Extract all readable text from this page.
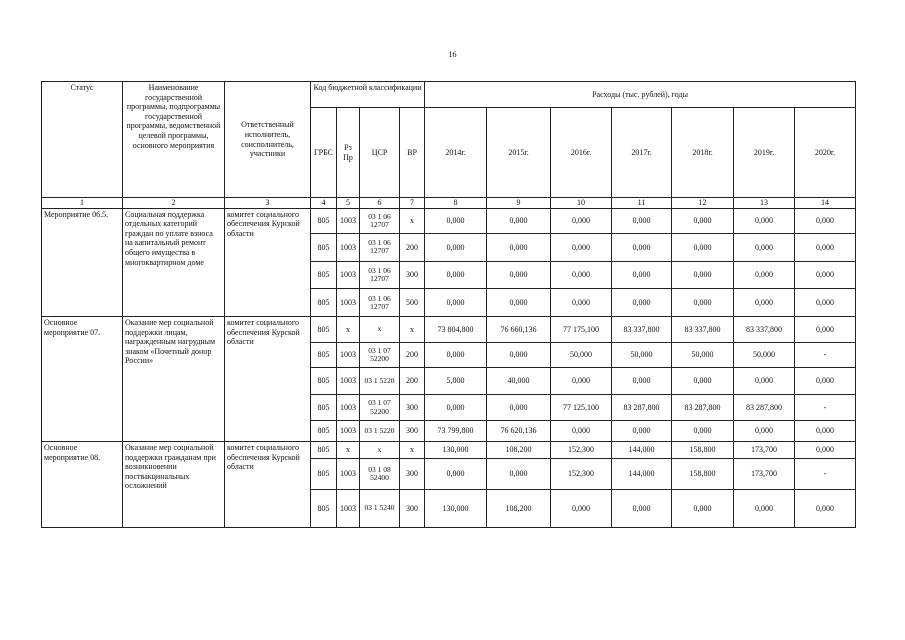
16
Статус	Наименование государственной программы, подпрограммы государственной программы, ведомственной целевой программы, основного мероприятия	Ответственный исполнитель, соисполнитель, участники	Код бюджетной классификации				Расходы (тыс. рублей), годы						
			ГРБС	Рз Пр	ЦСР	ВР	2014г.	2015г.	2016г.	2017г.	2018г.	2019г.	2020г.
1	2	3	4	5	6	7	8	9	10	11	12	13	14
Мероприятие 06.5.	Социальная поддержка отдельных категорий граждан по уплате взноса на капитальный ремонт общего имущества в многоквартирном доме	комитет социального обеспечения Курской области	805	1003	03 1 06 12707	x	0,000	0,000	0,000	0,000	0,000	0,000	0,000
			805	1003	03 1 06 12707	200	0,000	0,000	0,000	0,000	0,000	0,000	0,000
			805	1003	03 1 06 12707	300	0,000	0,000	0,000	0,000	0,000	0,000	0,000
			805	1003	03 1 06 12707	500	0,000	0,000	0,000	0,000	0,000	0,000	0,000
Основное мероприятие 07.	Оказание мер социальной поддержки лицам, награжденным нагрудным знаком «Почетный донор России»	комитет социального обеспечения Курской области	805	x	x	x	73 804,800	76 660,136	77 175,100	83 337,800	83 337,800	83 337,800	0,000
			805	1003	03 1 07 52200	200	0,000	0,000	50,000	50,000	50,000	50,000	-
			805	1003	03 1 5220	200	5,000	40,000	0,000	0,000	0,000	0,000	0,000
			805	1003	03 1 07 52200	300	0,000	0,000	77 125,100	83 287,800	83 287,800	83 287,800	-
			805	1003	03 1 5220	300	73 799,800	76 620,136	0,000	0,000	0,000	0,000	0,000
Основное мероприятие 08.	Оказание мер социальной поддержки гражданам при возникновении поствакцинальных осложнений	комитет социального обеспечения Курской области	805	x	x	x	130,000	108,200	152,300	144,000	158,800	173,700	0,000
			805	1003	03 1 08 52400	300	0,000	0,000	152,300	144,000	158,800	173,700	-
			805	1003	03 1 5240	300	130,000	108,200	0,000	0,000	0,000	0,000	0,000
